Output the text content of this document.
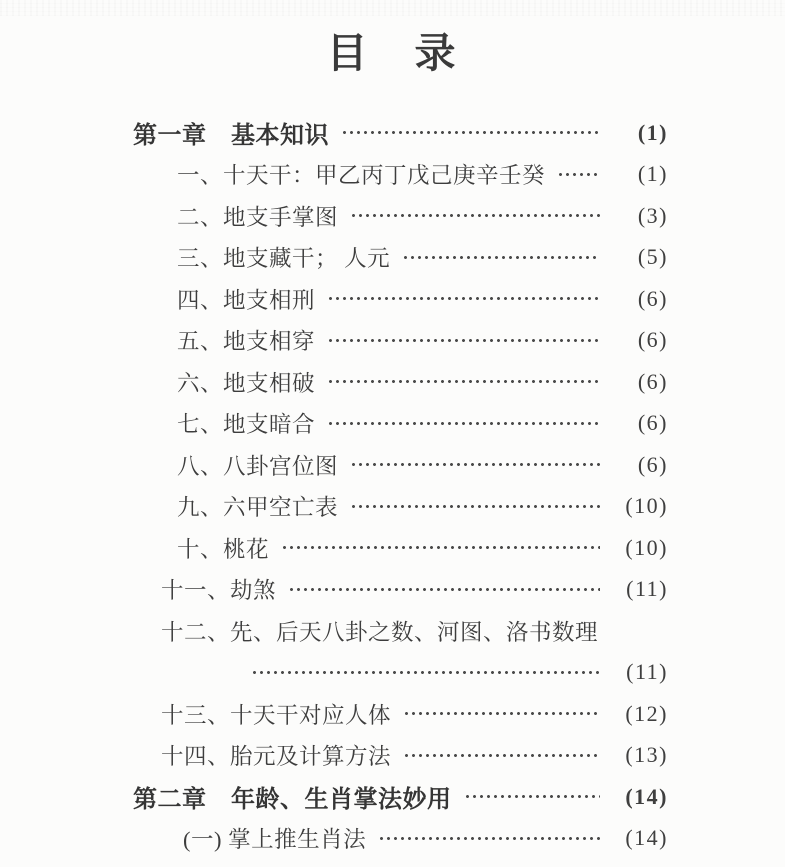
目　录
第一章　基本知识	(1)
一、十天干：甲乙丙丁戊己庚辛壬癸	(1)
二、地支手掌图	(3)
三、地支藏干； 人元	(5)
四、地支相刑	(6)
五、地支相穿	(6)
六、地支相破	(6)
七、地支暗合	(6)
八、八卦宫位图	(6)
九、六甲空亡表	(10)
十、桃花	(10)
十一、劫煞	(11)
十二、先、后天八卦之数、河图、洛书数理
(11)
十三、十天干对应人体	(12)
十四、胎元及计算方法	(13)
第二章　年龄、生肖掌法妙用	(14)
(一) 掌上推生肖法	(14)
